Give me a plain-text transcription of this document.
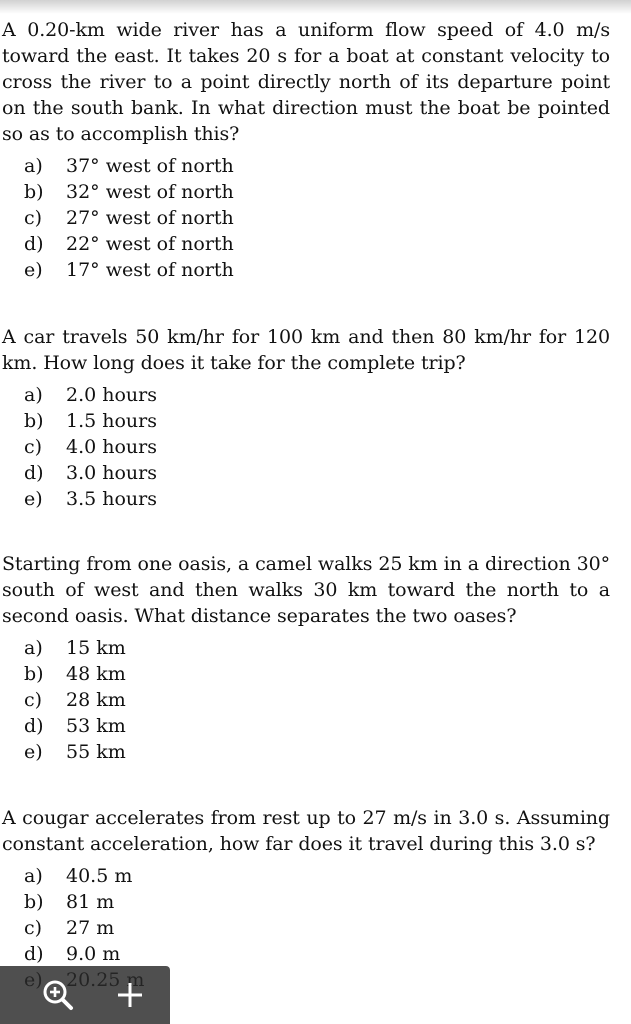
A 0.20-km wide river has a uniform flow speed of 4.0 m/s toward the east. It takes 20 s for a boat at constant velocity to cross the river to a point directly north of its departure point on the south bank. In what direction must the boat be pointed so as to accomplish this?

a)	37° west of north
b)	32° west of north
c)	27° west of north
d)	22° west of north
e)	17° west of north

A car travels 50 km/hr for 100 km and then 80 km/hr for 120 km. How long does it take for the complete trip?

a)	2.0 hours
b)	1.5 hours
c)	4.0 hours
d)	3.0 hours
e)	3.5 hours

Starting from one oasis, a camel walks 25 km in a direction 30° south of west and then walks 30 km toward the north to a second oasis. What distance separates the two oases?

a)	15 km
b)	48 km
c)	28 km
d)	53 km
e)	55 km

A cougar accelerates from rest up to 27 m/s in 3.0 s. Assuming constant acceleration, how far does it travel during this 3.0 s?

a)	40.5 m
b)	81 m
c)	27 m
d)	9.0 m
